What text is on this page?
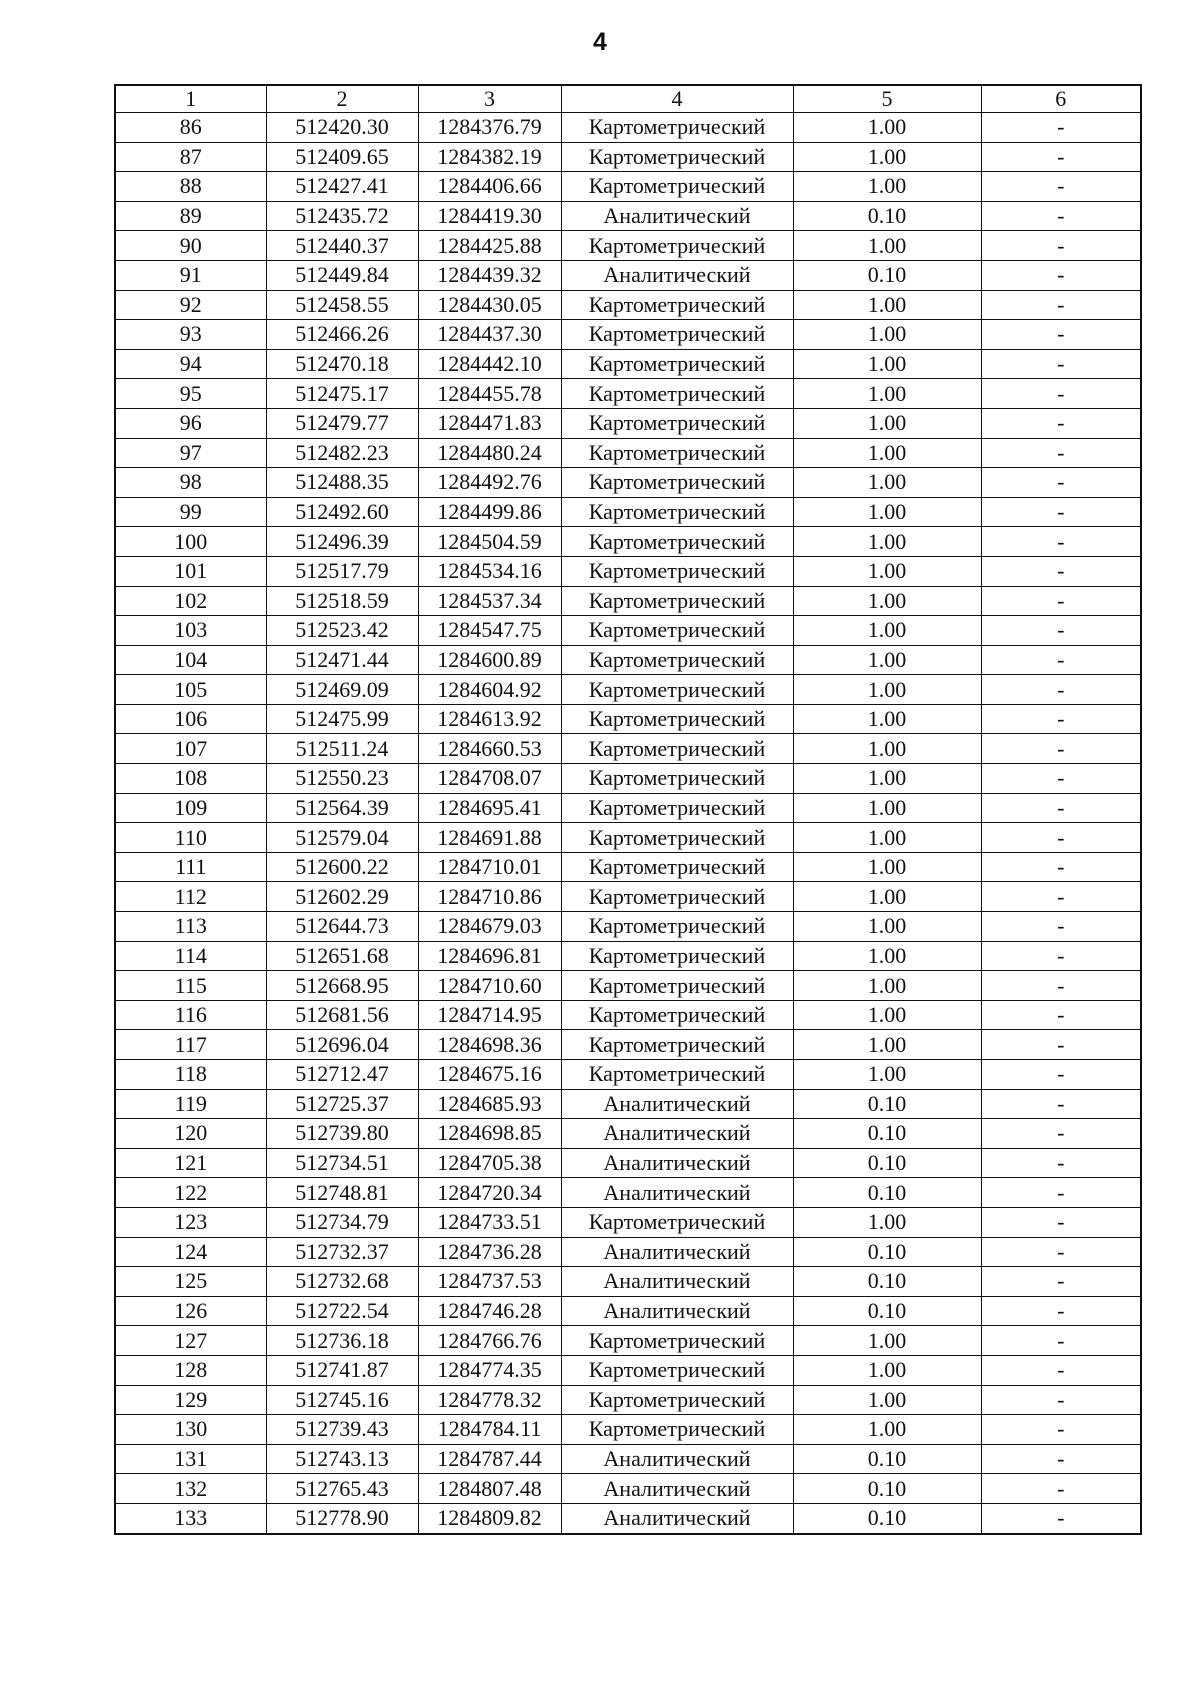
4
1	2	3	4	5	6
86	512420.30	1284376.79	Картометрический	1.00	-
87	512409.65	1284382.19	Картометрический	1.00	-
88	512427.41	1284406.66	Картометрический	1.00	-
89	512435.72	1284419.30	Аналитический	0.10	-
90	512440.37	1284425.88	Картометрический	1.00	-
91	512449.84	1284439.32	Аналитический	0.10	-
92	512458.55	1284430.05	Картометрический	1.00	-
93	512466.26	1284437.30	Картометрический	1.00	-
94	512470.18	1284442.10	Картометрический	1.00	-
95	512475.17	1284455.78	Картометрический	1.00	-
96	512479.77	1284471.83	Картометрический	1.00	-
97	512482.23	1284480.24	Картометрический	1.00	-
98	512488.35	1284492.76	Картометрический	1.00	-
99	512492.60	1284499.86	Картометрический	1.00	-
100	512496.39	1284504.59	Картометрический	1.00	-
101	512517.79	1284534.16	Картометрический	1.00	-
102	512518.59	1284537.34	Картометрический	1.00	-
103	512523.42	1284547.75	Картометрический	1.00	-
104	512471.44	1284600.89	Картометрический	1.00	-
105	512469.09	1284604.92	Картометрический	1.00	-
106	512475.99	1284613.92	Картометрический	1.00	-
107	512511.24	1284660.53	Картометрический	1.00	-
108	512550.23	1284708.07	Картометрический	1.00	-
109	512564.39	1284695.41	Картометрический	1.00	-
110	512579.04	1284691.88	Картометрический	1.00	-
111	512600.22	1284710.01	Картометрический	1.00	-
112	512602.29	1284710.86	Картометрический	1.00	-
113	512644.73	1284679.03	Картометрический	1.00	-
114	512651.68	1284696.81	Картометрический	1.00	-
115	512668.95	1284710.60	Картометрический	1.00	-
116	512681.56	1284714.95	Картометрический	1.00	-
117	512696.04	1284698.36	Картометрический	1.00	-
118	512712.47	1284675.16	Картометрический	1.00	-
119	512725.37	1284685.93	Аналитический	0.10	-
120	512739.80	1284698.85	Аналитический	0.10	-
121	512734.51	1284705.38	Аналитический	0.10	-
122	512748.81	1284720.34	Аналитический	0.10	-
123	512734.79	1284733.51	Картометрический	1.00	-
124	512732.37	1284736.28	Аналитический	0.10	-
125	512732.68	1284737.53	Аналитический	0.10	-
126	512722.54	1284746.28	Аналитический	0.10	-
127	512736.18	1284766.76	Картометрический	1.00	-
128	512741.87	1284774.35	Картометрический	1.00	-
129	512745.16	1284778.32	Картометрический	1.00	-
130	512739.43	1284784.11	Картометрический	1.00	-
131	512743.13	1284787.44	Аналитический	0.10	-
132	512765.43	1284807.48	Аналитический	0.10	-
133	512778.90	1284809.82	Аналитический	0.10	-
